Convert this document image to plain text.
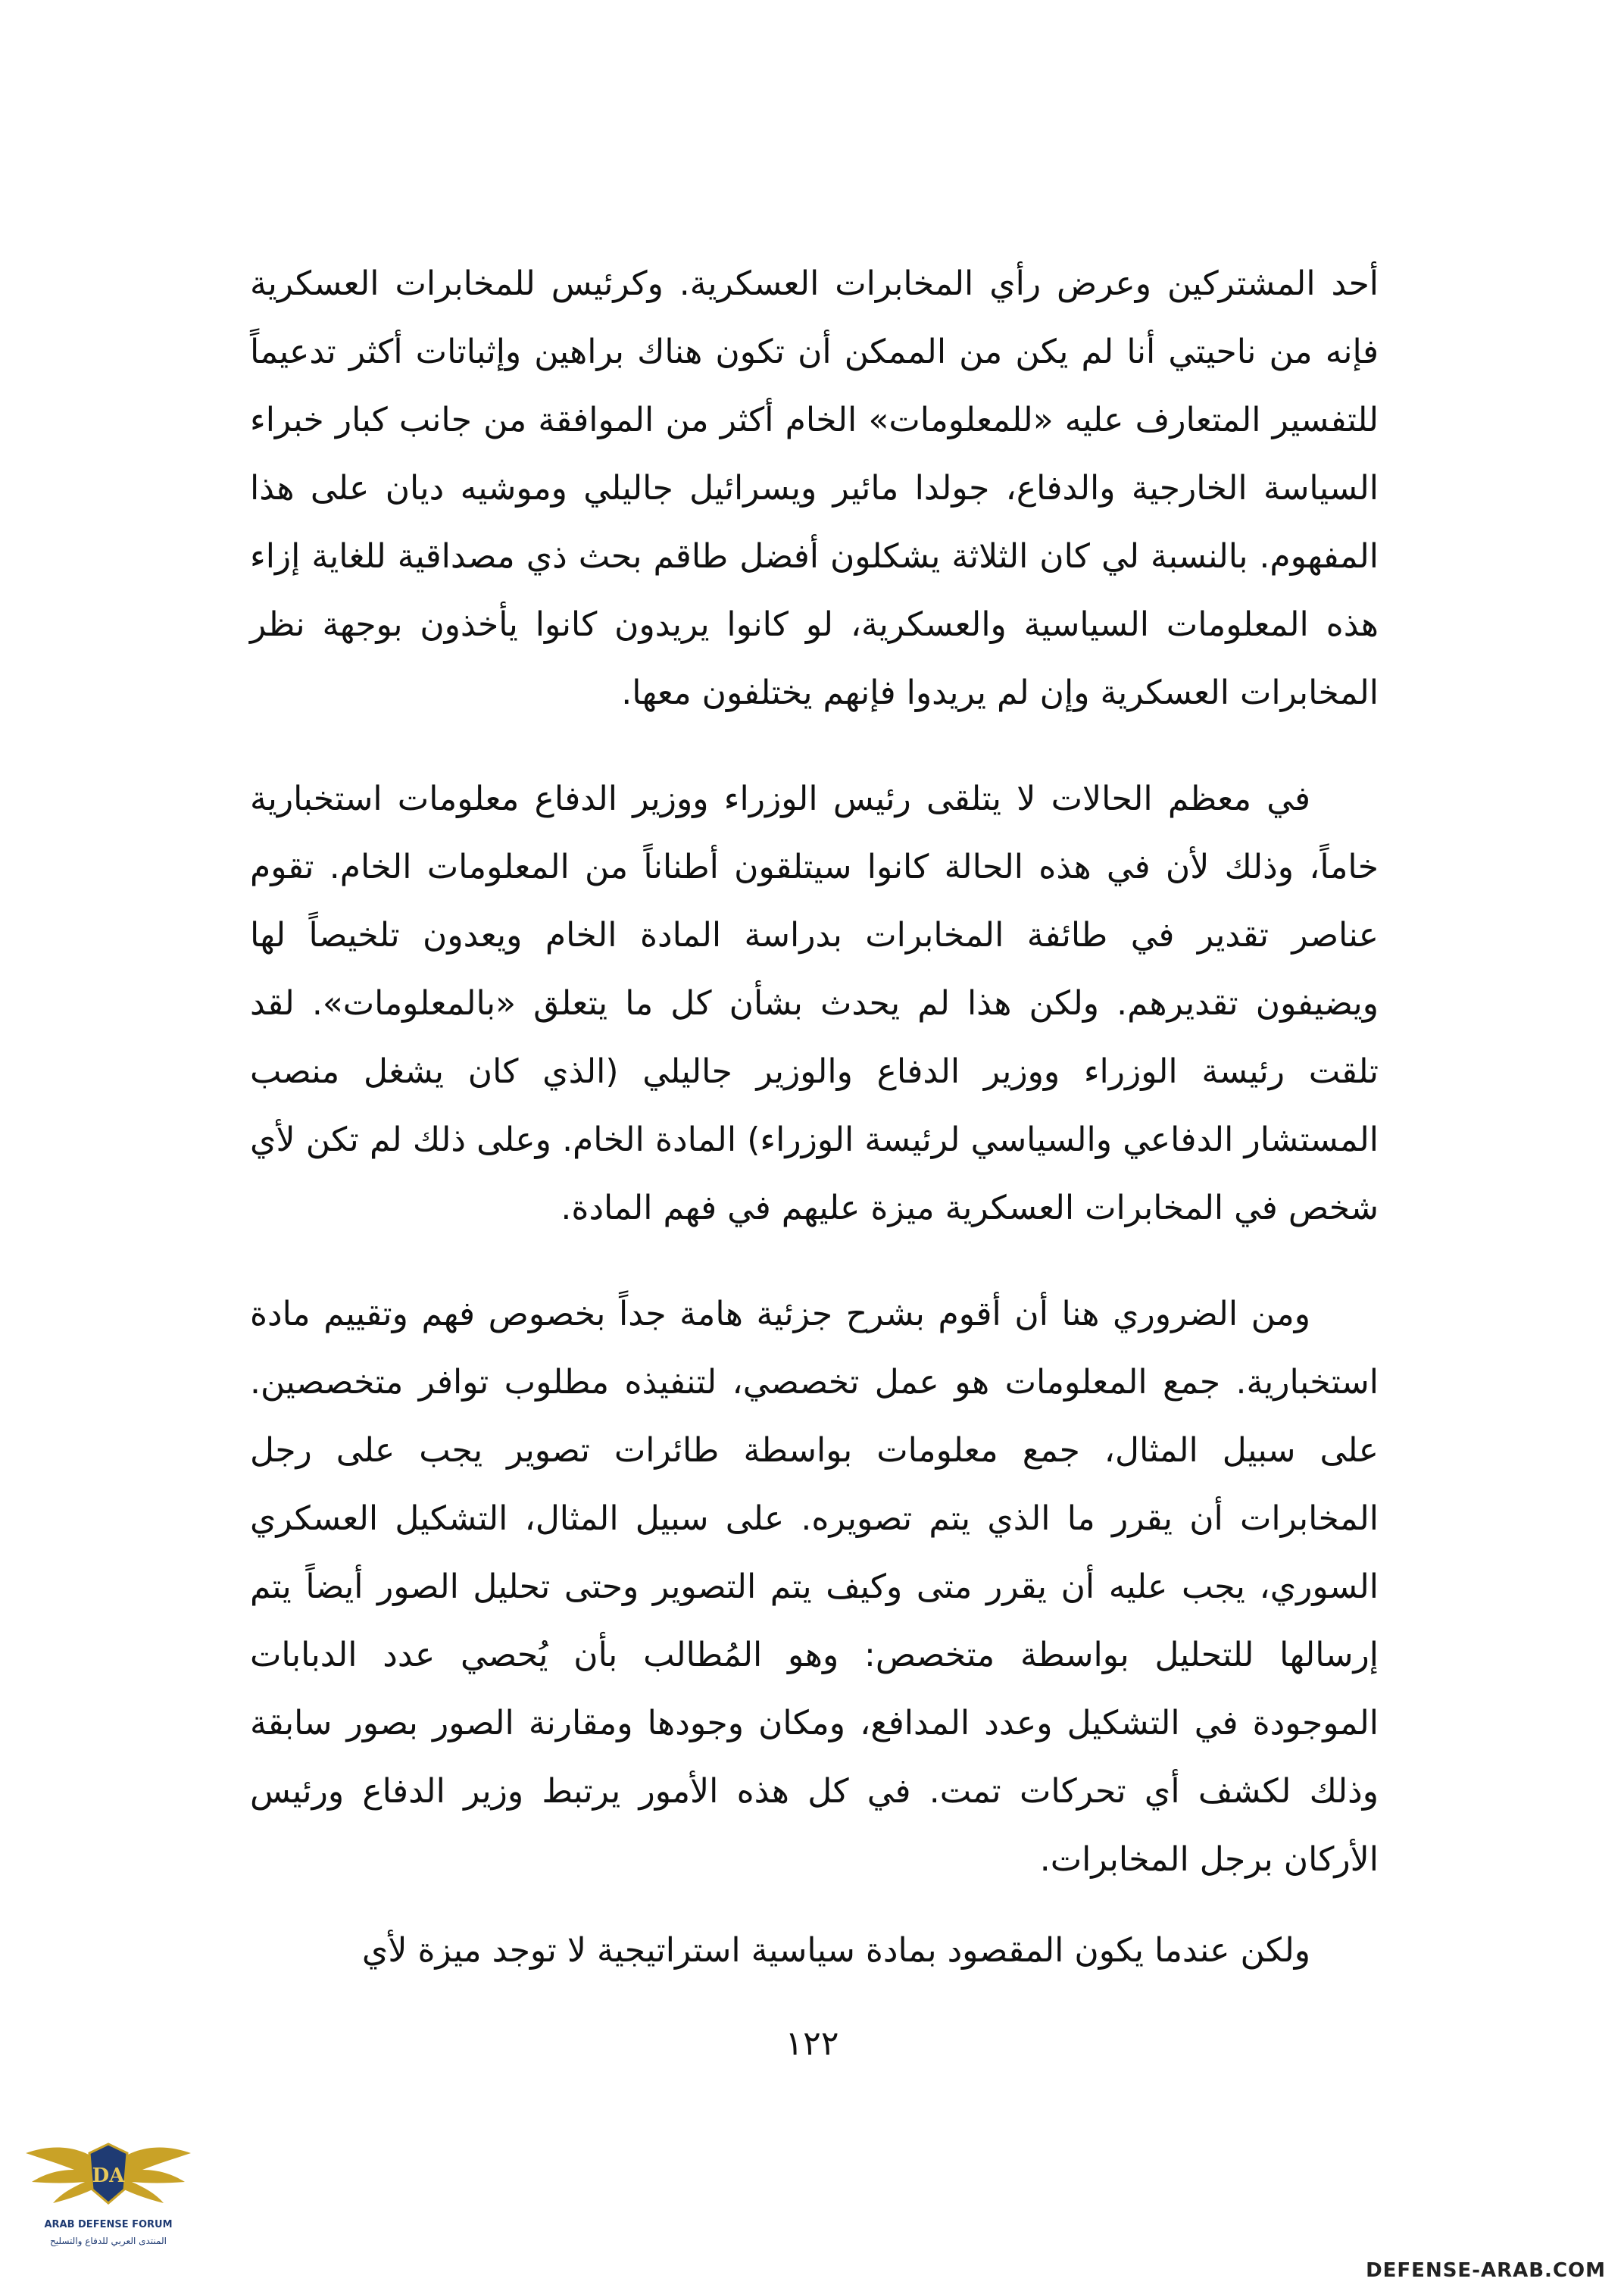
أحد المشتركين وعرض رأي المخابرات العسكرية. وكرئيس للمخابرات العسكرية فإنه من ناحيتي أنا لم يكن من الممكن أن تكون هناك براهين وإثباتات أكثر تدعيماً للتفسير المتعارف عليه «للمعلومات» الخام أكثر من الموافقة من جانب كبار خبراء السياسة الخارجية والدفاع، جولدا مائير ويسرائيل جاليلي وموشيه ديان على هذا المفهوم. بالنسبة لي كان الثلاثة يشكلون أفضل طاقم بحث ذي مصداقية للغاية إزاء هذه المعلومات السياسية والعسكرية، لو كانوا يريدون كانوا يأخذون بوجهة نظر المخابرات العسكرية وإن لم يريدوا فإنهم يختلفون معها.

في معظم الحالات لا يتلقى رئيس الوزراء ووزير الدفاع معلومات استخبارية خاماً، وذلك لأن في هذه الحالة كانوا سيتلقون أطناناً من المعلومات الخام. تقوم عناصر تقدير في طائفة المخابرات بدراسة المادة الخام ويعدون تلخيصاً لها ويضيفون تقديرهم. ولكن هذا لم يحدث بشأن كل ما يتعلق «بالمعلومات». لقد تلقت رئيسة الوزراء ووزير الدفاع والوزير جاليلي (الذي كان يشغل منصب المستشار الدفاعي والسياسي لرئيسة الوزراء) المادة الخام. وعلى ذلك لم تكن لأي شخص في المخابرات العسكرية ميزة عليهم في فهم المادة.

ومن الضروري هنا أن أقوم بشرح جزئية هامة جداً بخصوص فهم وتقييم مادة استخبارية. جمع المعلومات هو عمل تخصصي، لتنفيذه مطلوب توافر متخصصين. على سبيل المثال، جمع معلومات بواسطة طائرات تصوير يجب على رجل المخابرات أن يقرر ما الذي يتم تصويره. على سبيل المثال، التشكيل العسكري السوري، يجب عليه أن يقرر متى وكيف يتم التصوير وحتى تحليل الصور أيضاً يتم إرسالها للتحليل بواسطة متخصص: وهو المُطالب بأن يُحصي عدد الدبابات الموجودة في التشكيل وعدد المدافع، ومكان وجودها ومقارنة الصور بصور سابقة وذلك لكشف أي تحركات تمت. في كل هذه الأمور يرتبط وزير الدفاع ورئيس الأركان برجل المخابرات.

ولكن عندما يكون المقصود بمادة سياسية استراتيجية لا توجد ميزة لأي

١٢٢
DA
ARAB DEFENSE FORUM
المنتدى العربي للدفاع والتسليح
DEFENSE-ARAB.COM
